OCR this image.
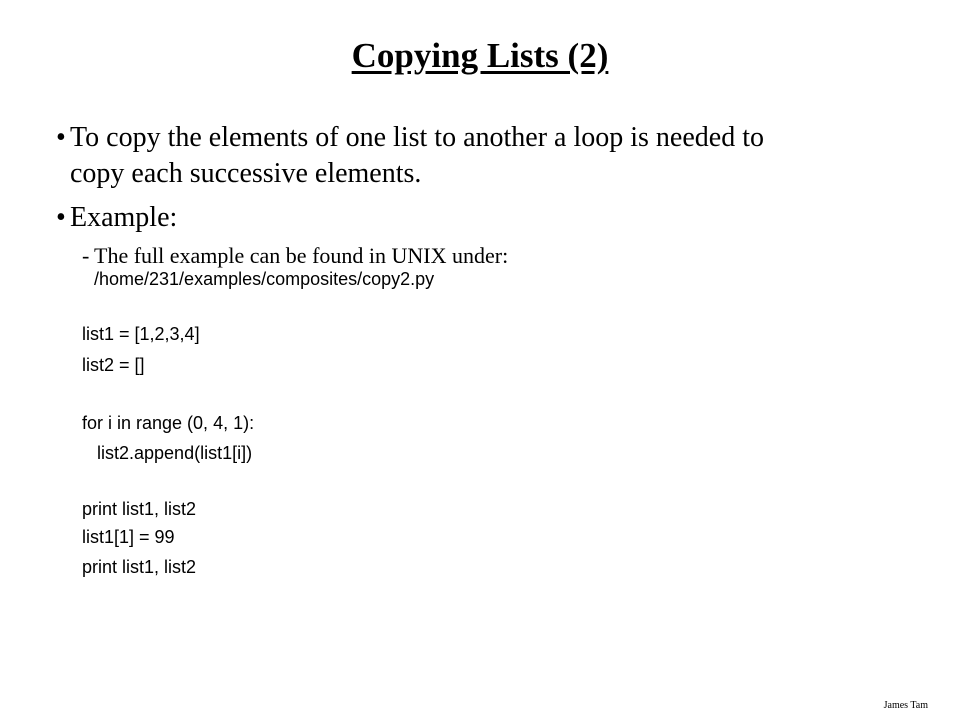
Copying Lists (2)
• To copy the elements of one list to another a loop is needed to
copy each successive elements.
• Example:
- The full example can be found in UNIX under:
/home/231/examples/composites/copy2.py
list1 = [1,2,3,4]
list2 = []
for i in range (0, 4, 1):
list2.append(list1[i])
print list1, list2
list1[1] = 99
print list1, list2
James Tam
